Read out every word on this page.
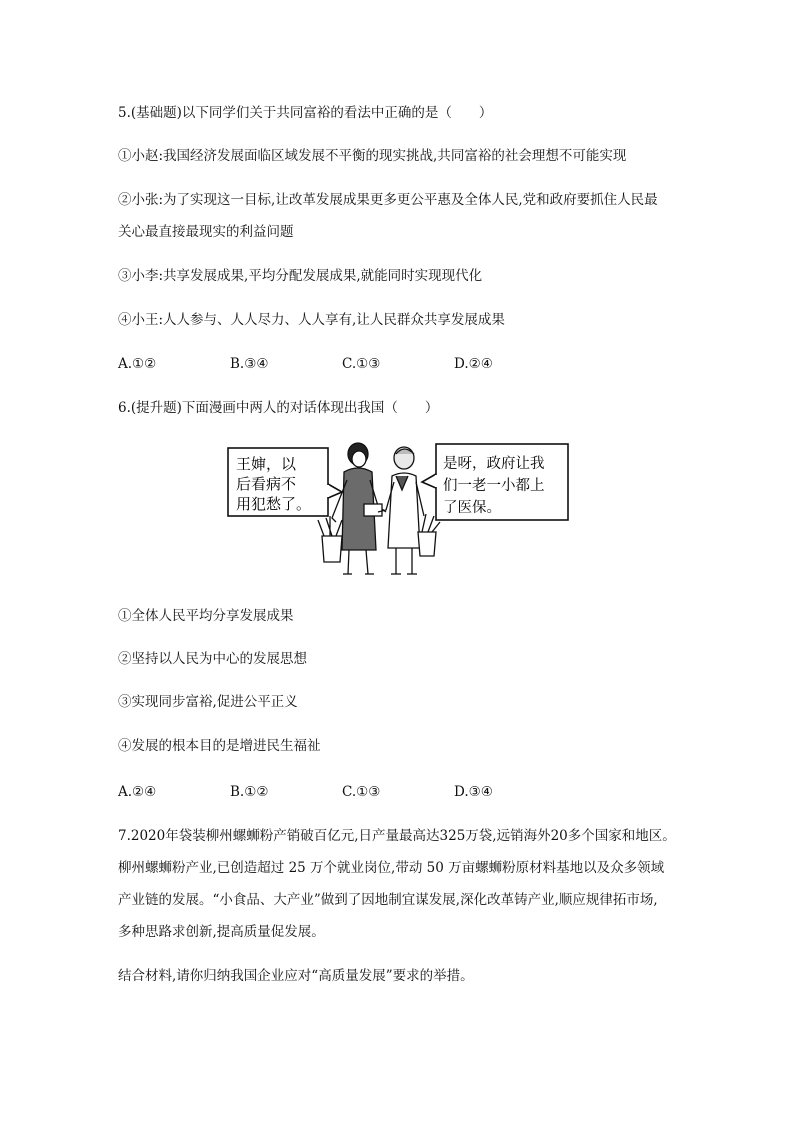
5.(基础题)以下同学们关于共同富裕的看法中正确的是（　　）
①小赵:我国经济发展面临区域发展不平衡的现实挑战,共同富裕的社会理想不可能实现
②小张:为了实现这一目标,让改革发展成果更多更公平惠及全体人民,党和政府要抓住人民最
关心最直接最现实的利益问题
③小李:共享发展成果,平均分配发展成果,就能同时实现现代化
④小王:人人参与、人人尽力、人人享有,让人民群众共享发展成果
A.①②	B.③④	C.①③	D.②④
6.(提升题)下面漫画中两人的对话体现出我国（　　）
王婶，以
后看病不
用犯愁了。
是呀，政府让我
们一老一小都上
了医保。
①全体人民平均分享发展成果
②坚持以人民为中心的发展思想
③实现同步富裕,促进公平正义
④发展的根本目的是增进民生福祉
A.②④	B.①②	C.①③	D.③④
7.2020年袋装柳州螺蛳粉产销破百亿元,日产量最高达325万袋,远销海外20多个国家和地区。
柳州螺蛳粉产业,已创造超过 25 万个就业岗位,带动 50 万亩螺蛳粉原材料基地以及众多领域
产业链的发展。“小食品、大产业”做到了因地制宜谋发展,深化改革铸产业,顺应规律拓市场,
多种思路求创新,提高质量促发展。
结合材料,请你归纳我国企业应对“高质量发展”要求的举措。
